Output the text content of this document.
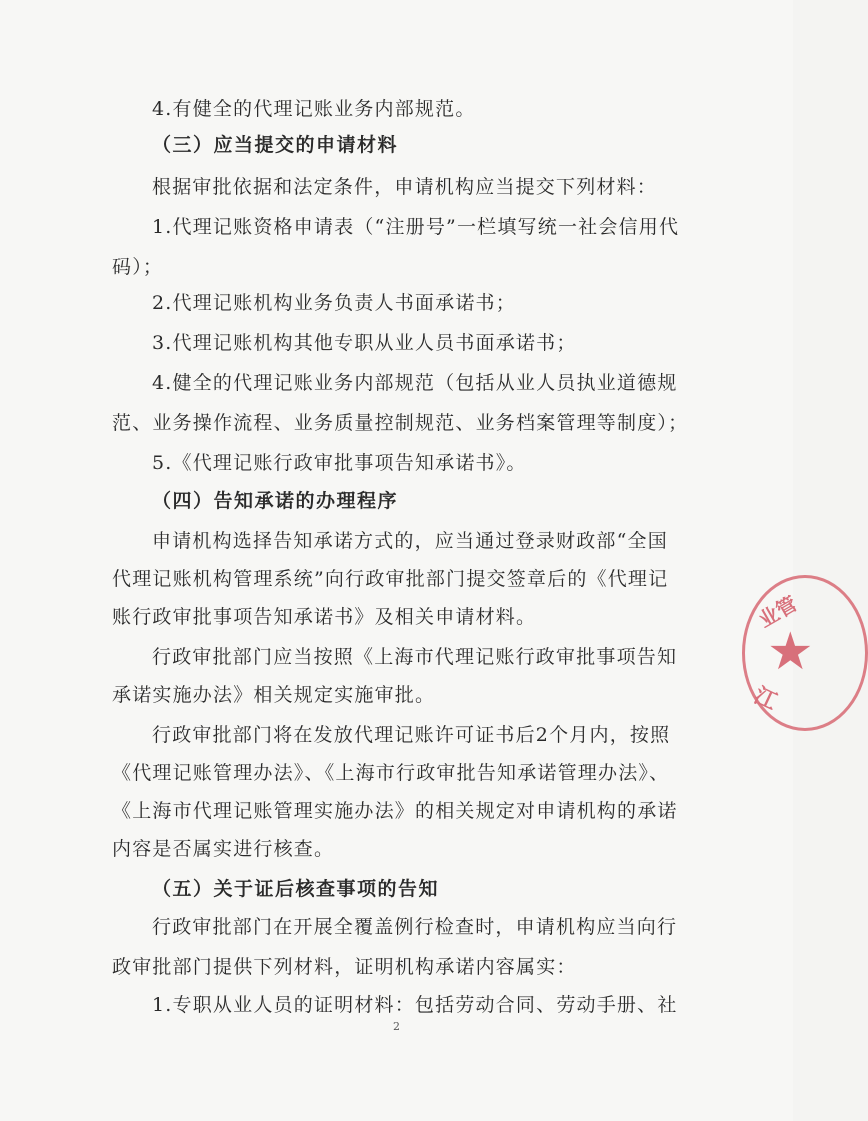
4.有健全的代理记账业务内部规范。
（三）应当提交的申请材料
根据审批依据和法定条件，申请机构应当提交下列材料：
1.代理记账资格申请表（“注册号”一栏填写统一社会信用代
码）；
2.代理记账机构业务负责人书面承诺书；
3.代理记账机构其他专职从业人员书面承诺书；
4.健全的代理记账业务内部规范（包括从业人员执业道德规
范、业务操作流程、业务质量控制规范、业务档案管理等制度）；
5.《代理记账行政审批事项告知承诺书》。
（四）告知承诺的办理程序
申请机构选择告知承诺方式的，应当通过登录财政部“全国
代理记账机构管理系统”向行政审批部门提交签章后的《代理记
账行政审批事项告知承诺书》及相关申请材料。
行政审批部门应当按照《上海市代理记账行政审批事项告知
承诺实施办法》相关规定实施审批。
行政审批部门将在发放代理记账许可证书后2个月内，按照
《代理记账管理办法》、《上海市行政审批告知承诺管理办法》、
《上海市代理记账管理实施办法》的相关规定对申请机构的承诺
内容是否属实进行核查。
（五）关于证后核查事项的告知
行政审批部门在开展全覆盖例行检查时，申请机构应当向行
政审批部门提供下列材料，证明机构承诺内容属实：
1.专职从业人员的证明材料：包括劳动合同、劳动手册、社
2
业管
★
江
